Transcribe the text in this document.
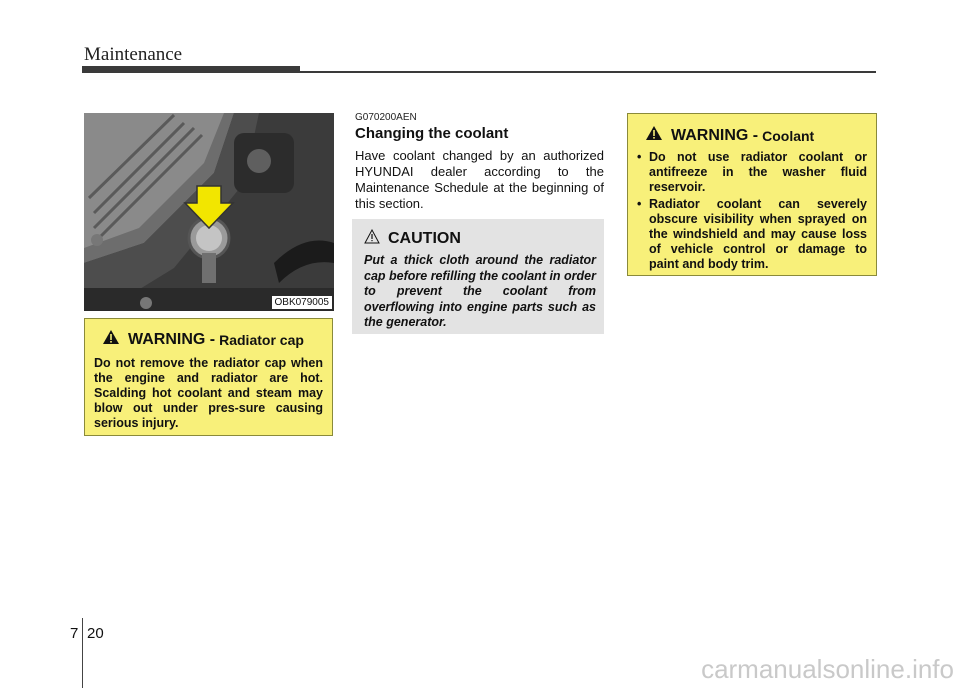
Maintenance
OBK079005
WARNING - Radiator cap
Do not remove the radiator cap when the engine and radiator are hot. Scalding hot coolant and steam may blow out under pres-sure causing serious injury.
G070200AEN
Changing the coolant
Have coolant changed by an authorized HYUNDAI dealer according to the Maintenance Schedule at the beginning of this section.
CAUTION
Put a thick cloth around the radiator cap before refilling the coolant in order to prevent the coolant from overflowing into engine parts such as the generator.
WARNING - Coolant
• Do not use radiator coolant or antifreeze in the washer fluid reservoir.
• Radiator coolant can severely obscure visibility when sprayed on the windshield and may cause loss of vehicle control or damage to paint and body trim.
7 20
carmanualsonline.info
